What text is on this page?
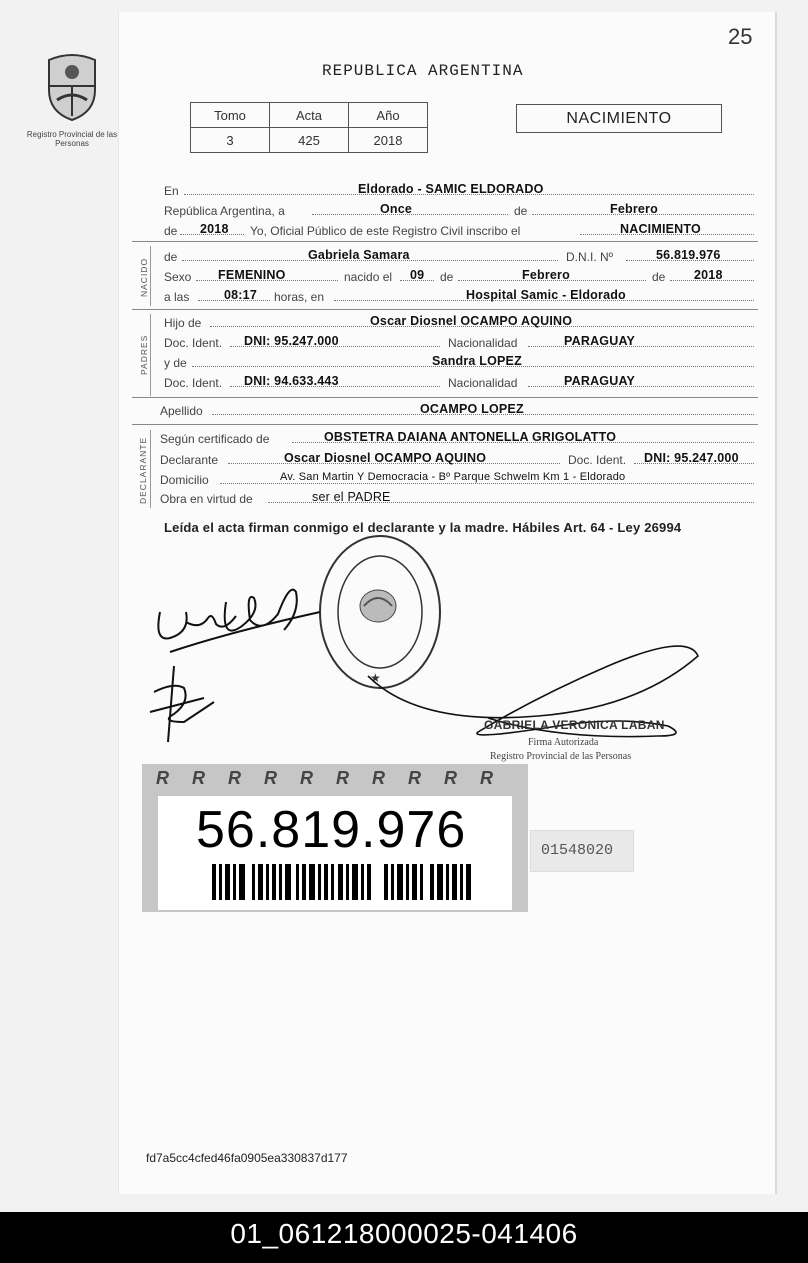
25
Registro Provincial de las Personas
REPUBLICA ARGENTINA
Tomo	Acta	Año
3	425	2018
NACIMIENTO
En	Eldorado - SAMIC ELDORADO
República Argentina, a	Once	de	Febrero
de 2018 Yo, Oficial Público de este Registro Civil inscribo el	NACIMIENTO
NACIDO
de	Gabriela Samara	D.N.I. Nº	56.819.976
Sexo FEMENINO	nacido el 09 de	Febrero	de 2018
a las	08:17 horas, en	Hospital Samic - Eldorado
PADRES
Hijo de	Oscar Diosnel OCAMPO AQUINO
Doc. Ident. DNI: 95.247.000	Nacionalidad	PARAGUAY
y de	Sandra LOPEZ
Doc. Ident. DNI: 94.633.443	Nacionalidad	PARAGUAY
Apellido	OCAMPO LOPEZ
DECLARANTE Según certificado de	OBSTETRA DAIANA ANTONELLA GRIGOLATTO
Declarante	Oscar Diosnel OCAMPO AQUINO	Doc. Ident. DNI: 95.247.000
Domicilio	Av. San Martin Y Democracia - Bº Parque Schwelm Km 1 - Eldorado
Obra en virtud de	ser el PADRE
Leída el acta firman conmigo el declarante y la madre. Hábiles Art. 64 - Ley 26994
★
GABRIELA VERONICA LABAN
Firma Autorizada
Registro Provincial de las Personas
R R R R R R R R R R
56.819.976	01548020
fd7a5cc4cfed46fa0905ea330837d177
01_061218000025-041406
